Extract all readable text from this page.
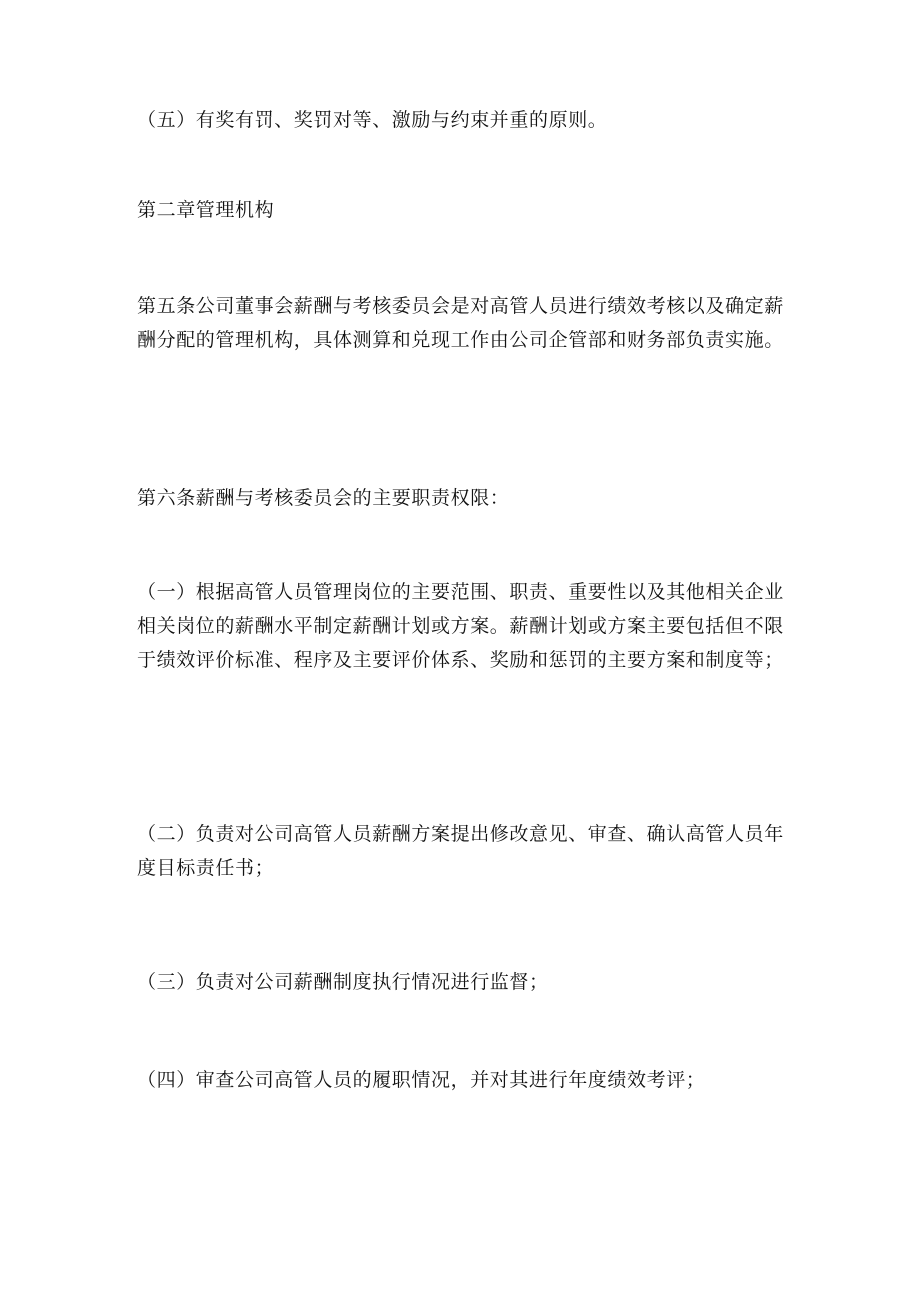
（五）有奖有罚、奖罚对等、激励与约束并重的原则。

第二章管理机构

第五条公司董事会薪酬与考核委员会是对高管人员进行绩效考核以及确定薪酬分配的管理机构，具体测算和兑现工作由公司企管部和财务部负责实施。

第六条薪酬与考核委员会的主要职责权限：

（一）根据高管人员管理岗位的主要范围、职责、重要性以及其他相关企业相关岗位的薪酬水平制定薪酬计划或方案。薪酬计划或方案主要包括但不限于绩效评价标准、程序及主要评价体系、奖励和惩罚的主要方案和制度等；

（二）负责对公司高管人员薪酬方案提出修改意见、审查、确认高管人员年度目标责任书；

（三）负责对公司薪酬制度执行情况进行监督；

（四）审查公司高管人员的履职情况，并对其进行年度绩效考评；
